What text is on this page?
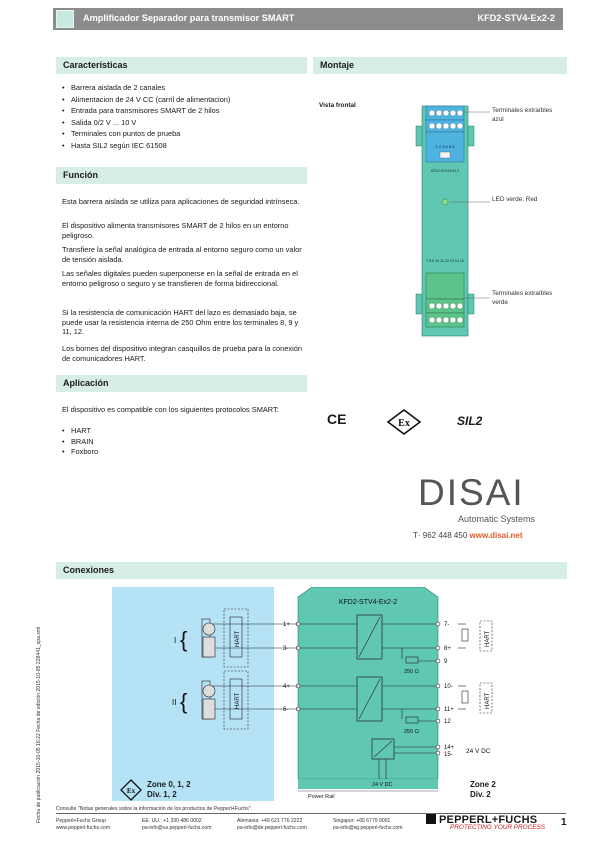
Amplificador Separador para transmisor SMART	KFD2-STV4-Ex2-2
Características
• Barrera aislada de 2 canales
• Alimentacion de 24 V CC (carril de alimentacion)
• Entrada para transmisores SMART de 2 hilos
• Salida 0/2 V ... 10 V
• Terminales con puntos de prueba
• Hasta SIL2 según IEC 61508
Función
Esta barrera aislada se utiliza para aplicaciones de seguridad intrínseca.
El dispositivo alimenta transmisores SMART de 2 hilos en un entorno peligroso.
Transfiere la señal analógica de entrada al entorno seguro como un valor de tensión aislada.
Las señales digitales pueden superponerse en la señal de entrada en el entorno peligroso o seguro y se transfieren de forma bidireccional.
Si la resistencia de comunicación HART del lazo es demasiado baja, se puede usar la resistencia interna de 250 Ohm entre los terminales 8, 9 y 11, 12.
Los bornes del dispositivo integran casquillos de prueba para la conexión de comunicadores HART.
Aplicación
El dispositivo es compatible con los siguientes protocolos SMART:
• HART
• BRAIN
• Foxboro
Montaje
Vista frontal
1 2 3 4 5 6
KFD2-STV4-Ex2-2
7 8 9 10 11 12 13 14 15
Terminales extraíbles azul
LED verde: Red
Terminales extraíbles verde
CE	Ex	SIL2
DISAI
Automatic Systems
T· 962 448 450 www.disai.net
Conexiones
KFD2-STV4-Ex2-2
1+
3-
4+
6-
250 Ω
250 Ω
24 V DC
7-
8+
9
10-
11+
12
14+
15- 24 V DC
HART
HART
HART
HART
I
II
{
{
Power Rail
Ex
Zone 0, 1, 2
Div. 1, 2
Zone 2
Div. 2
Fecha de publicación 2015-10-05 16:22 Fecha de edición 2015-10-05 228441_spa.xml	Consulte "Notas generales sobre la información de los productos de Pepperl+Fuchs".
Pepperl+Fuchs Group
www.pepperl-fuchs.com
EE. UU.: +1 330 486 0002
pa-info@us.pepperl-fuchs.com
Alemania: +49 621 776 2222
pa-info@de.pepperl-fuchs.com
Singapur: +65 6779 9091
pa-info@sg.pepperl-fuchs.com
PEPPERL+FUCHS
PROTECTING YOUR PROCESS 1
